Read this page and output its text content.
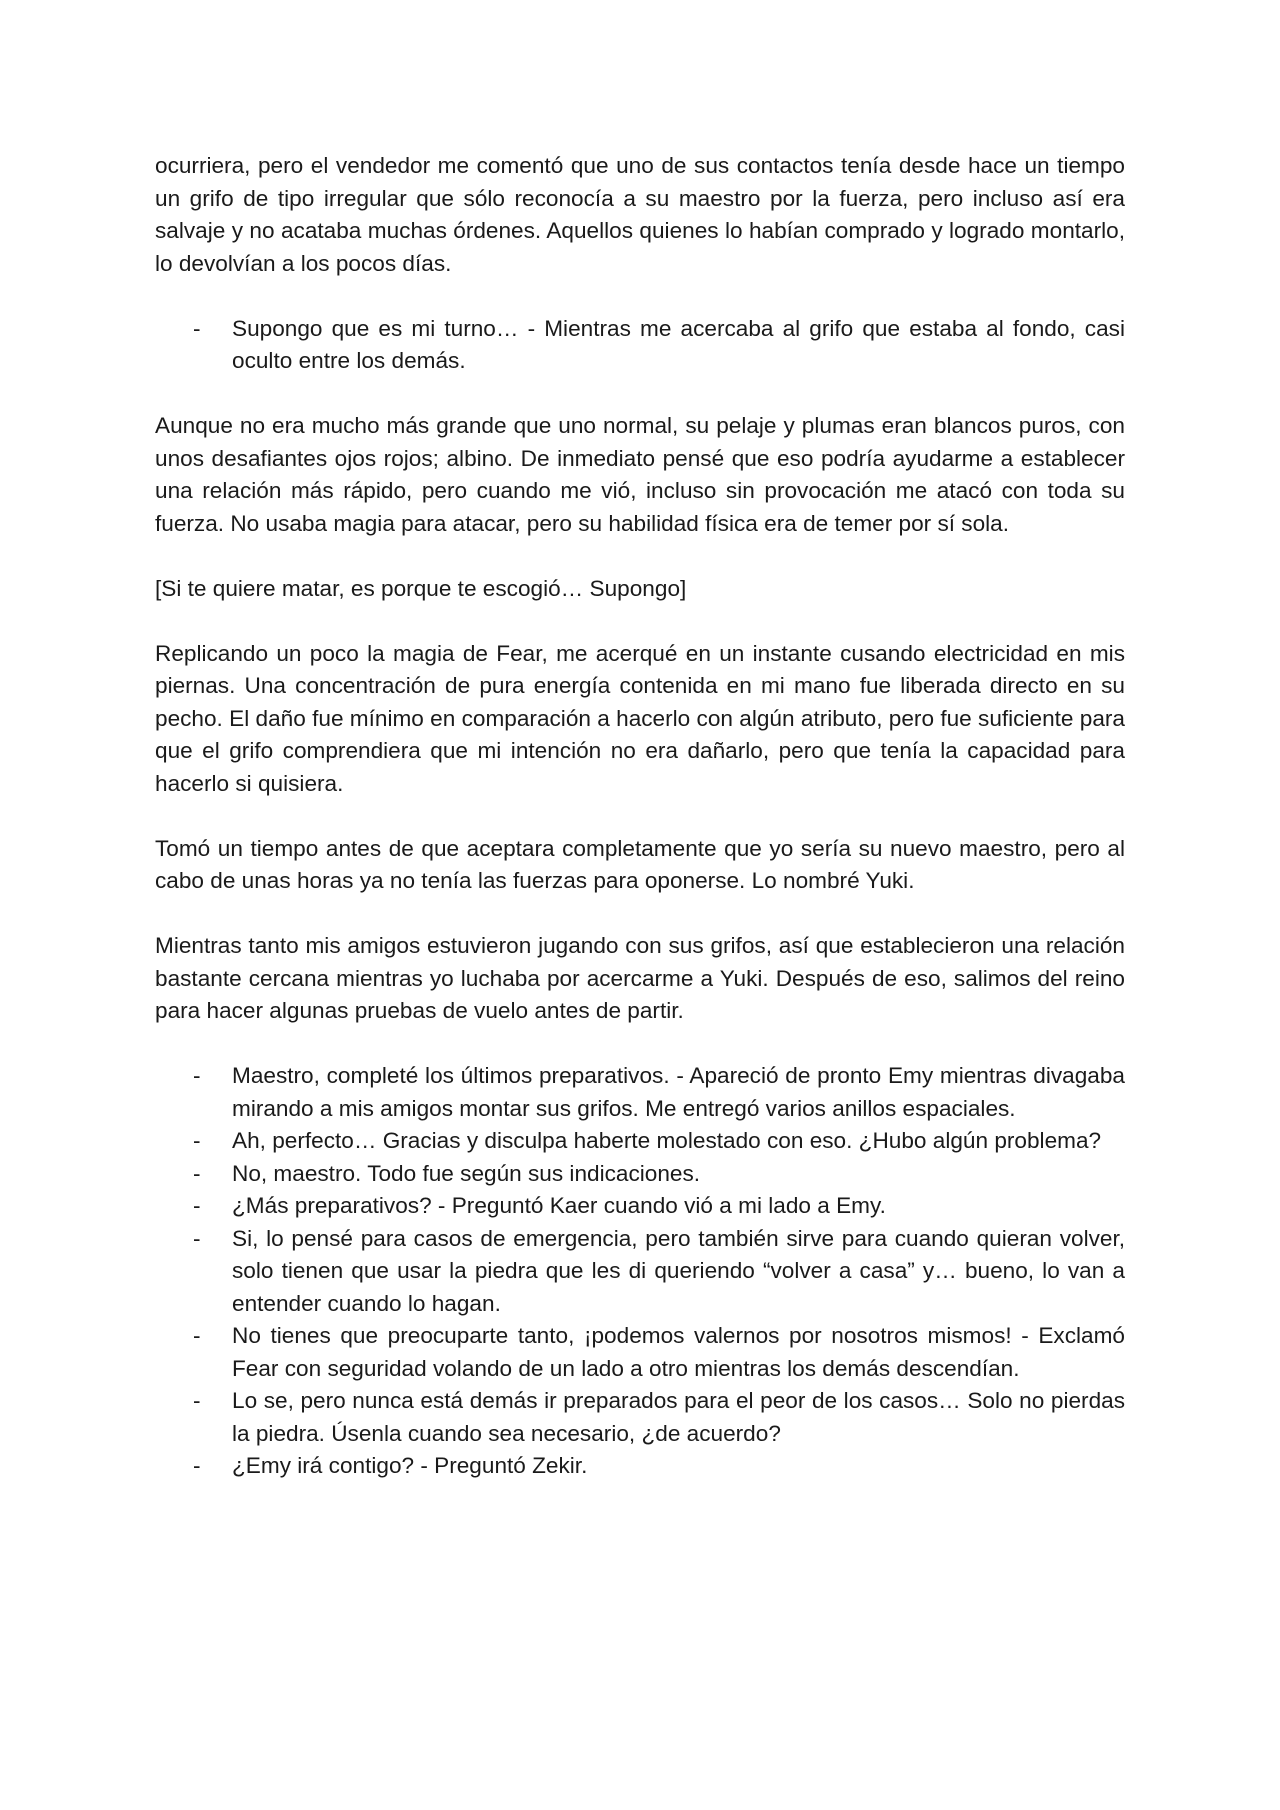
ocurriera, pero el vendedor me comentó que uno de sus contactos tenía desde hace un tiempo un grifo de tipo irregular que sólo reconocía a su maestro por la fuerza, pero incluso así era salvaje y no acataba muchas órdenes. Aquellos quienes lo habían comprado y logrado montarlo, lo devolvían a los pocos días.

- Supongo que es mi turno… - Mientras me acercaba al grifo que estaba al fondo, casi oculto entre los demás.

Aunque no era mucho más grande que uno normal, su pelaje y plumas eran blancos puros, con unos desafiantes ojos rojos; albino. De inmediato pensé que eso podría ayudarme a establecer una relación más rápido, pero cuando me vió, incluso sin provocación me atacó con toda su fuerza. No usaba magia para atacar, pero su habilidad física era de temer por sí sola.

[Si te quiere matar, es porque te escogió… Supongo]

Replicando un poco la magia de Fear, me acerqué en un instante cusando electricidad en mis piernas. Una concentración de pura energía contenida en mi mano fue liberada directo en su pecho. El daño fue mínimo en comparación a hacerlo con algún atributo, pero fue suficiente para que el grifo comprendiera que mi intención no era dañarlo, pero que tenía la capacidad para hacerlo si quisiera.

Tomó un tiempo antes de que aceptara completamente que yo sería su nuevo maestro, pero al cabo de unas horas ya no tenía las fuerzas para oponerse. Lo nombré Yuki.

Mientras tanto mis amigos estuvieron jugando con sus grifos, así que establecieron una relación bastante cercana mientras yo luchaba por acercarme a Yuki. Después de eso, salimos del reino para hacer algunas pruebas de vuelo antes de partir.

- Maestro, completé los últimos preparativos. - Apareció de pronto Emy mientras divagaba mirando a mis amigos montar sus grifos. Me entregó varios anillos espaciales.
- Ah, perfecto… Gracias y disculpa haberte molestado con eso. ¿Hubo algún problema?
- No, maestro. Todo fue según sus indicaciones.
- ¿Más preparativos? - Preguntó Kaer cuando vió a mi lado a Emy.
- Si, lo pensé para casos de emergencia, pero también sirve para cuando quieran volver, solo tienen que usar la piedra que les di queriendo “volver a casa” y… bueno, lo van a entender cuando lo hagan.
- No tienes que preocuparte tanto, ¡podemos valernos por nosotros mismos! - Exclamó Fear con seguridad volando de un lado a otro mientras los demás descendían.
- Lo se, pero nunca está demás ir preparados para el peor de los casos… Solo no pierdas la piedra. Úsenla cuando sea necesario, ¿de acuerdo?
- ¿Emy irá contigo? - Preguntó Zekir.
